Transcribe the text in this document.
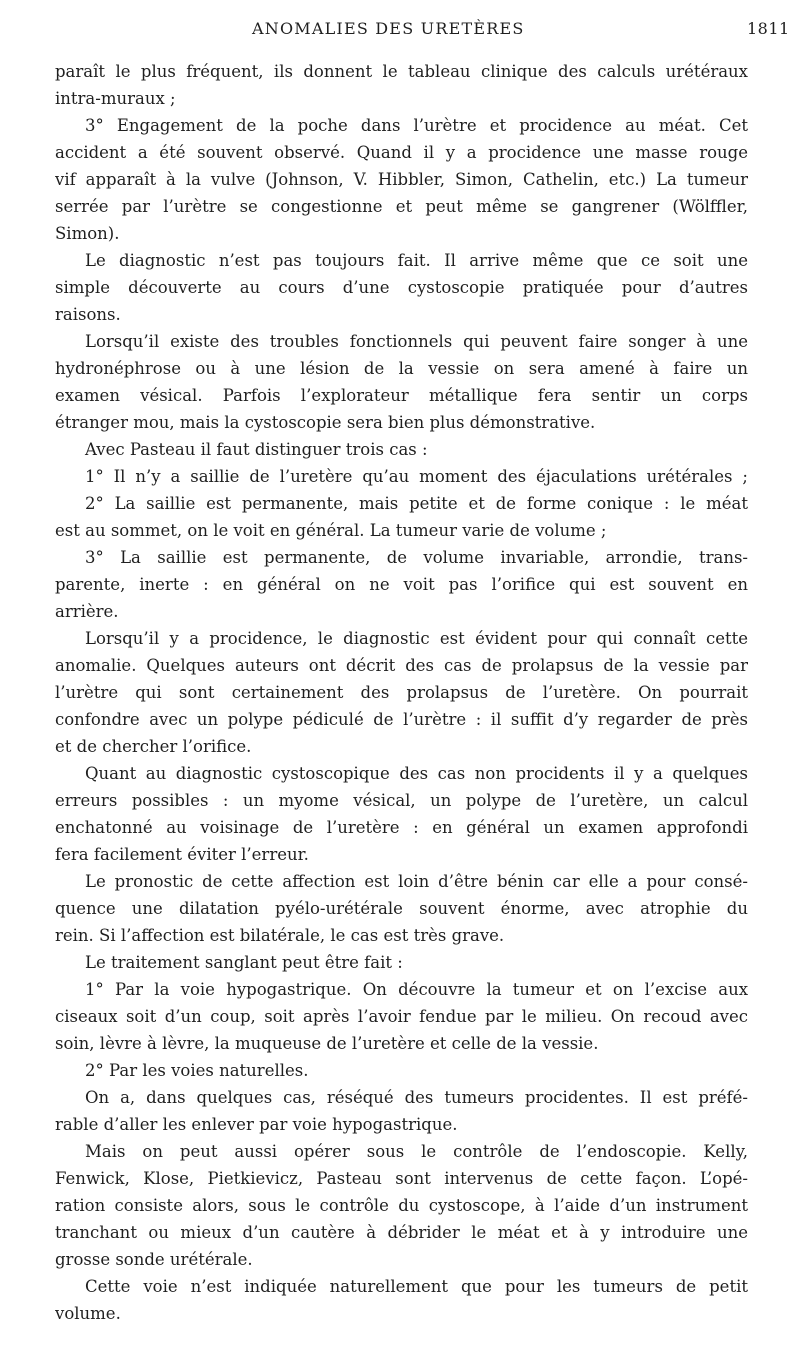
ANOMALIES DES URETÈRES	1811
paraît le plus fréquent, ils donnent le tableau clinique des calculs urétéraux
intra-muraux ;
3° Engagement de la poche dans l’urètre et procidence au méat. Cet
accident a été souvent observé. Quand il y a procidence une masse rouge
vif apparaît à la vulve (Johnson, V. Hibbler, Simon, Cathelin, etc.) La tumeur
serrée par l’urètre se congestionne et peut même se gangrener (Wölffler,
Simon).
Le diagnostic n’est pas toujours fait. Il arrive même que ce soit une
simple découverte au cours d’une cystoscopie pratiquée pour d’autres
raisons.
Lorsqu’il existe des troubles fonctionnels qui peuvent faire songer à une
hydronéphrose ou à une lésion de la vessie on sera amené à faire un
examen vésical. Parfois l’explorateur métallique fera sentir un corps
étranger mou, mais la cystoscopie sera bien plus démonstrative.
Avec Pasteau il faut distinguer trois cas :
1° Il n’y a saillie de l’uretère qu’au moment des éjaculations urétérales ;
2° La saillie est permanente, mais petite et de forme conique : le méat
est au sommet, on le voit en général. La tumeur varie de volume ;
3° La saillie est permanente, de volume invariable, arrondie, trans-
parente, inerte : en général on ne voit pas l’orifice qui est souvent en
arrière.
Lorsqu’il y a procidence, le diagnostic est évident pour qui connaît cette
anomalie. Quelques auteurs ont décrit des cas de prolapsus de la vessie par
l’urètre qui sont certainement des prolapsus de l’uretère. On pourrait
confondre avec un polype pédiculé de l’urètre : il suffit d’y regarder de près
et de chercher l’orifice.
Quant au diagnostic cystoscopique des cas non procidents il y a quelques
erreurs possibles : un myome vésical, un polype de l’uretère, un calcul
enchatonné au voisinage de l’uretère : en général un examen approfondi
fera facilement éviter l’erreur.
Le pronostic de cette affection est loin d’être bénin car elle a pour consé-
quence une dilatation pyélo-urétérale souvent énorme, avec atrophie du
rein. Si l’affection est bilatérale, le cas est très grave.
Le traitement sanglant peut être fait :
1° Par la voie hypogastrique. On découvre la tumeur et on l’excise aux
ciseaux soit d’un coup, soit après l’avoir fendue par le milieu. On recoud avec
soin, lèvre à lèvre, la muqueuse de l’uretère et celle de la vessie.
2° Par les voies naturelles.
On a, dans quelques cas, réséqué des tumeurs procidentes. Il est préfé-
rable d’aller les enlever par voie hypogastrique.
Mais on peut aussi opérer sous le contrôle de l’endoscopie. Kelly,
Fenwick, Klose, Pietkievicz, Pasteau sont intervenus de cette façon. L’opé-
ration consiste alors, sous le contrôle du cystoscope, à l’aide d’un instrument
tranchant ou mieux d’un cautère à débrider le méat et à y introduire une
grosse sonde urétérale.
Cette voie n’est indiquée naturellement que pour les tumeurs de petit
volume.
